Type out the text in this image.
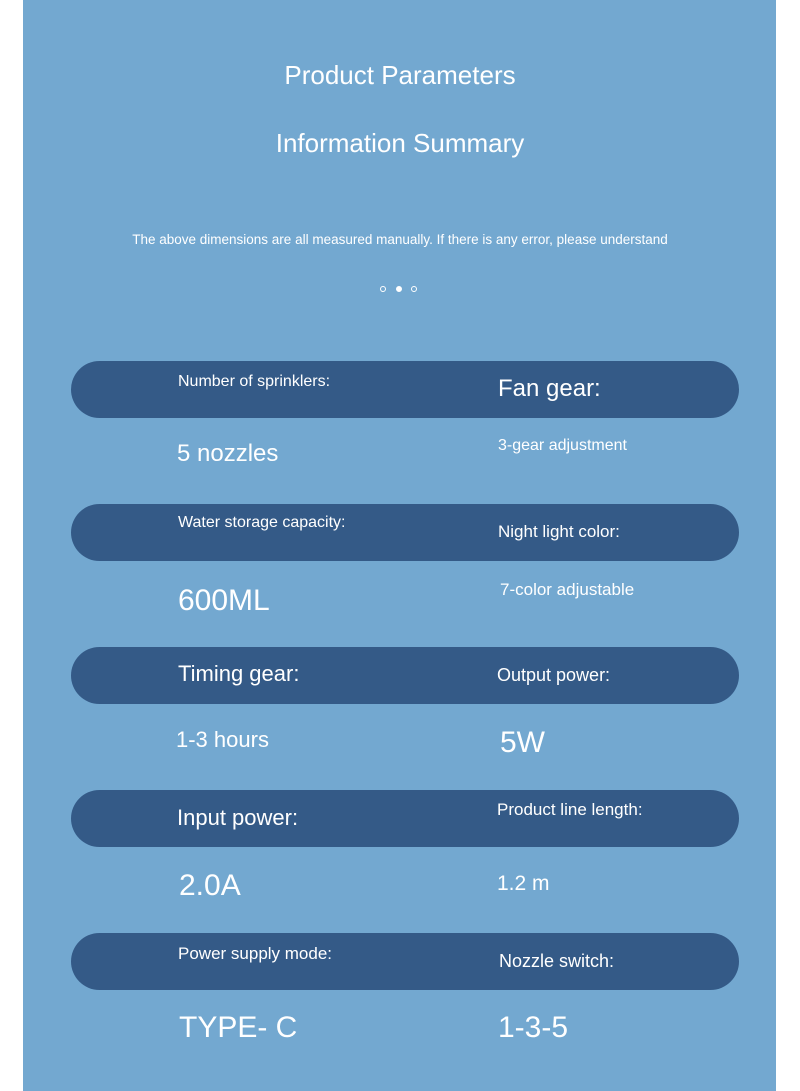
Product Parameters
Information Summary
The above dimensions are all measured manually. If there is any error, please understand
Number of sprinklers:	Fan gear:
5 nozzles	3-gear adjustment
Water storage capacity:	Night light color:
600ML	7-color adjustable
Timing gear:	Output power:
1-3 hours	5W
Input power:	Product line length:
2.0A	1.2 m
Power supply mode:	Nozzle switch:
TYPE- C	1-3-5
